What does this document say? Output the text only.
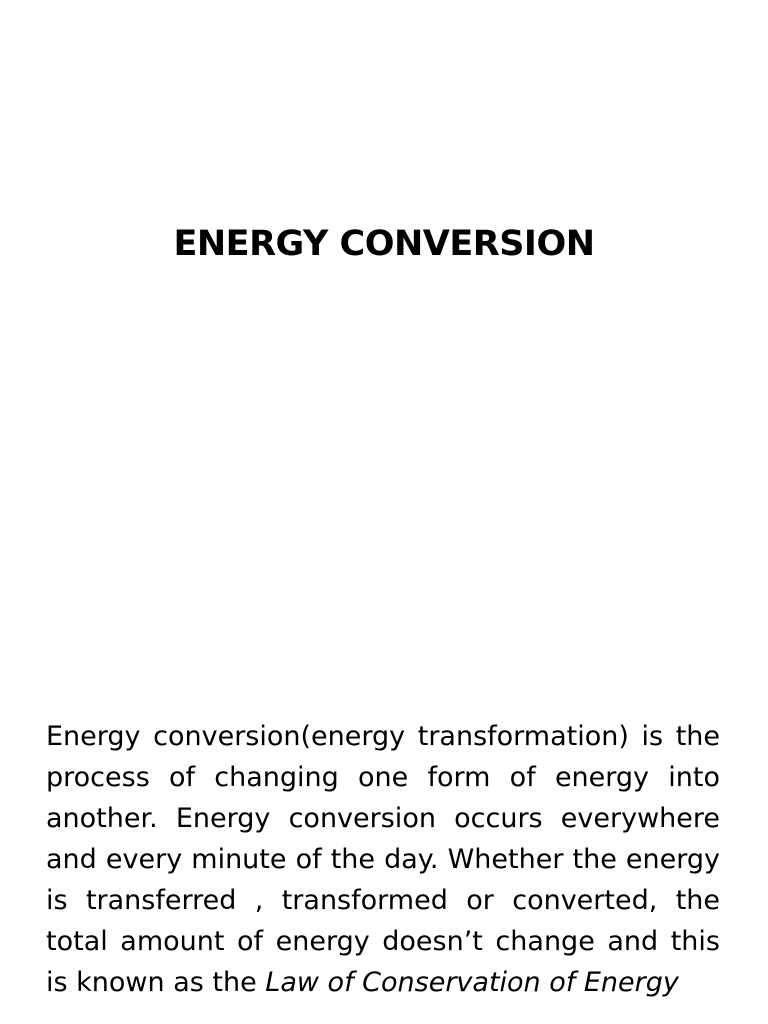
ENERGY CONVERSION

Energy conversion(energy transformation) is the process of changing one form of energy into another. Energy conversion occurs everywhere and every minute of the day. Whether the energy is transferred , transformed or converted, the total amount of energy doesn’t change and this is known as the Law of Conservation of Energy
